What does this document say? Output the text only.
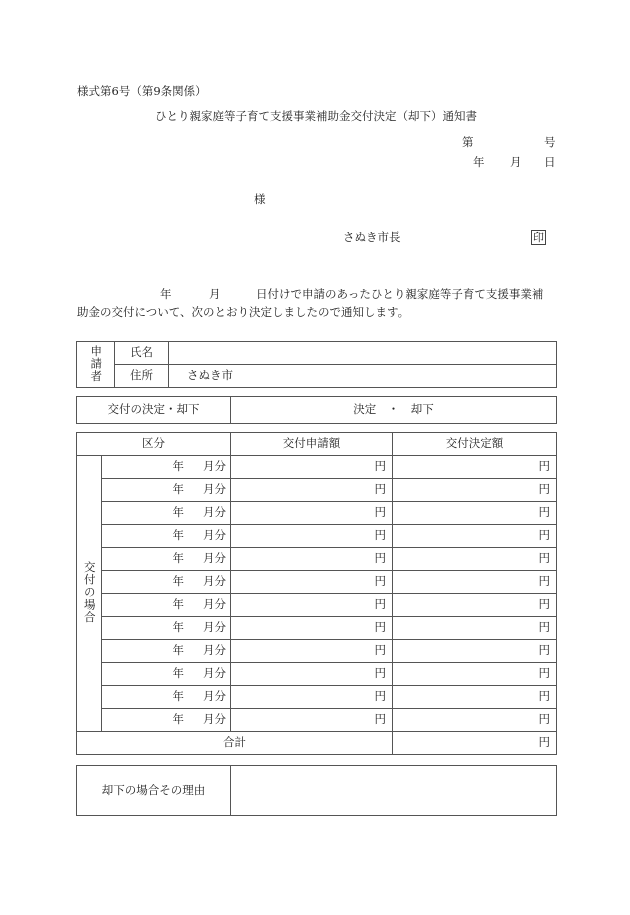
様式第6号（第9条関係）
ひとり親家庭等子育て支援事業補助金交付決定（却下）通知書
第	号
年 月 日
様
さぬき市長	印
年	月	日付けで申請のあったひとり親家庭等子育て支援事業補
助金の交付について、次のとおり決定しましたので通知します。
申請者	氏名	
	住所	さぬき市
交付の決定・却下	決定　・　却下
区分		交付申請額	交付決定額
交付の場合	年 月分	円	円
	年 月分	円	円
	年 月分	円	円
	年 月分	円	円
	年 月分	円	円
	年 月分	円	円
	年 月分	円	円
	年 月分	円	円
	年 月分	円	円
	年 月分	円	円
	年 月分	円	円
	年 月分	円	円
合計			円
却下の場合その理由	
